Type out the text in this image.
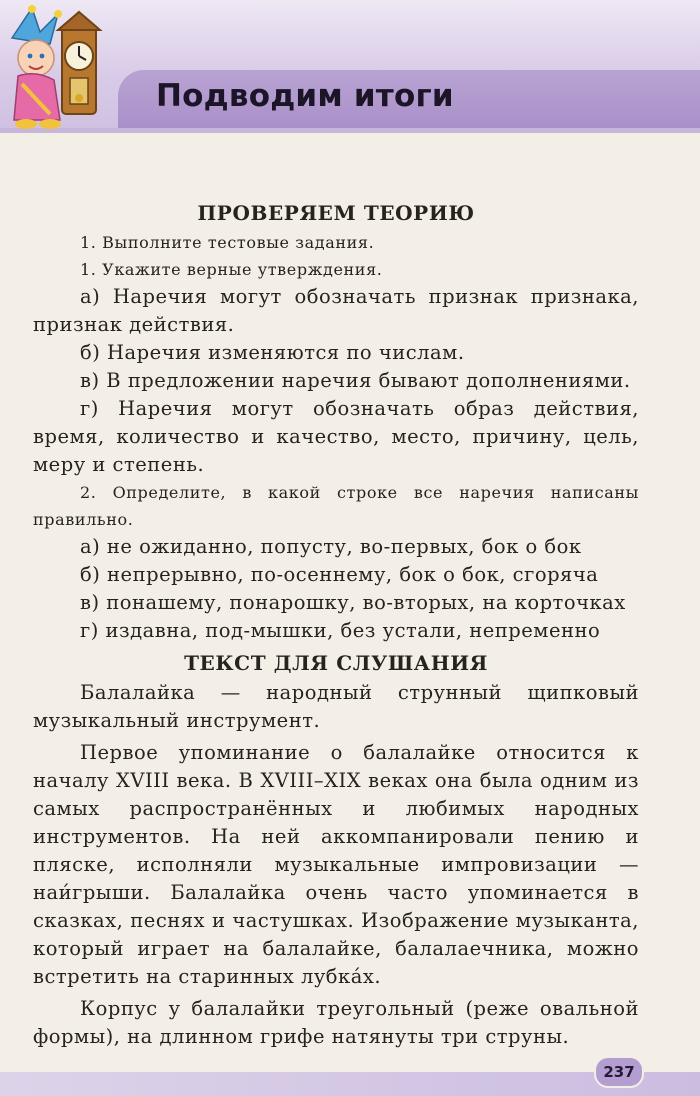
Подводим итоги
ПРОВЕРЯЕМ ТЕОРИЮ

1. Выполните тестовые задания.

1. Укажите верные утверждения.

а) Наречия могут обозначать признак признака, признак действия.

б) Наречия изменяются по числам.

в) В предложении наречия бывают дополнениями.

г) Наречия могут обозначать образ действия, время, количество и качество, место, причину, цель, меру и степень.

2. Определите, в какой строке все наречия написаны правильно.

а) не ожиданно, попусту, во-первых, бок о бок

б) непрерывно, по-осеннему, бок о бок, сгоряча

в) понашему, понарошку, во-вторых, на корточках

г) издавна, под-мышки, без устали, непременно

ТЕКСТ ДЛЯ СЛУШАНИЯ

Балалайка — народный струнный щипковый музыкальный инструмент.

Первое упоминание о балалайке относится к началу XVIII века. В XVIII–XIX веках она была одним из самых распространённых и любимых народных инструментов. На ней аккомпанировали пению и пляске, исполняли музыкальные импровизации — наи́грыши. Балалайка очень часто упоминается в сказках, песнях и частушках. Изображение музыканта, который играет на балалайке, балалаечника, можно встретить на старинных лубка́х.

Корпус у балалайки треугольный (реже овальной формы), на длинном грифе натянуты три струны.

237
